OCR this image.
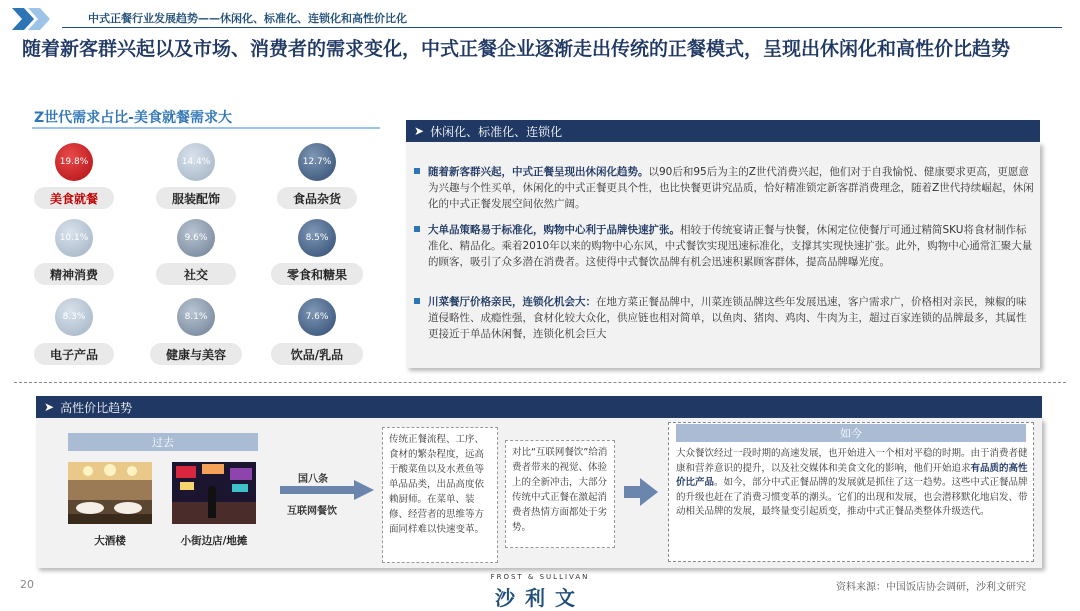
中式正餐行业发展趋势——休闲化、标准化、连锁化和高性价比化
随着新客群兴起以及市场、消费者的需求变化，中式正餐企业逐渐走出传统的正餐模式，呈现出休闲化和高性价比趋势
Z世代需求占比-美食就餐需求大
19.8%
美食就餐
14.4%
服装配饰
12.7%
食品杂货
10.1%
精神消费
9.6%
社交
8.5%
零食和糖果
8.3%
电子产品
8.1%
健康与美容
7.6%
饮品/乳品
➤ 休闲化、标准化、连锁化
随着新客群兴起，中式正餐呈现出休闲化趋势。以90后和95后为主的Z世代消费兴起，他们对于自我愉悦、健康要求更高，更愿意为兴趣与个性买单，休闲化的中式正餐更具个性，也比快餐更讲究品质，恰好精准锁定新客群消费理念，随着Z世代持续崛起，休闲化的中式正餐发展空间依然广阔。
大单品策略易于标准化，购物中心利于品牌快速扩张。相较于传统宴请正餐与快餐，休闲定位使餐厅可通过精简SKU将食材制作标准化、精品化。乘着2010年以来的购物中心东风，中式餐饮实现迅速标准化，支撑其实现快速扩张。此外，购物中心通常汇聚大量的顾客，吸引了众多潜在消费者。这使得中式餐饮品牌有机会迅速积累顾客群体，提高品牌曝光度。
川菜餐厅价格亲民，连锁化机会大：在地方菜正餐品牌中，川菜连锁品牌这些年发展迅速，客户需求广，价格相对亲民，辣椒的味道侵略性、成瘾性强，食材化较大众化，供应链也相对简单，以鱼肉、猪肉、鸡肉、牛肉为主，超过百家连锁的品牌最多，其属性更接近于单品休闲餐，连锁化机会巨大
➤ 高性价比趋势
过去
大酒楼	小街边店/地摊
国八条
互联网餐饮
传统正餐流程、工序、食材的繁杂程度，远高于酸菜鱼以及水煮鱼等单品品类，出品高度依赖厨师。在菜单、装修、经营者的思维等方面同样难以快速变革。
对比“互联网餐饮”给消费者带来的视觉、体验上的全新冲击，大部分传统中式正餐在激起消费者热情方面都处于劣势。
如今
大众餐饮经过一段时期的高速发展，也开始进入一个相对平稳的时期。由于消费者健康和营养意识的提升，以及社交媒体和美食文化的影响，他们开始追求有品质的高性价比产品。如今，部分中式正餐品牌的发展就是抓住了这一趋势。这些中式正餐品牌的升级也赶在了消费习惯变革的潮头。它们的出现和发展，也会潜移默化地启发、带动相关品牌的发展，最终量变引起质变，推动中式正餐品类整体升级迭代。
20
FROST & SULLIVAN
沙利文	资料来源：中国饭店协会调研，沙利文研究
